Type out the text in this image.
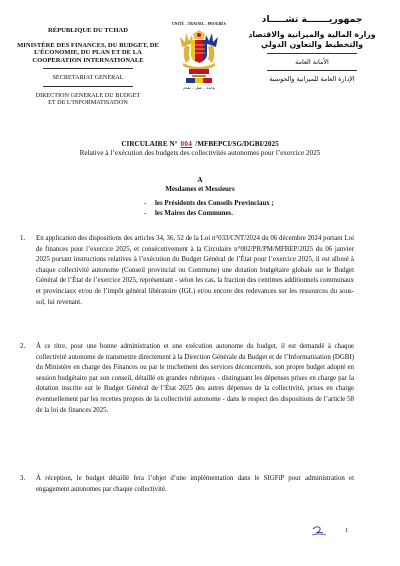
RÉPUBLIQUE DU TCHAD
MINISTÈRE DES FINANCES, DU BUDGET, DE
L’ÉCONOMIE, DU PLAN ET DE LA
COOPERATION INTERNATIONALE
SECRETARIAT GENERAL
DIRECTION GENERALE DU BUDGET
ET DE L’INFORMATISATION
UNITÉ – TRAVAIL – PROGRÈS
وحدة – عمل – تقدم
جمهوريـــــــة تشـــــاد
وزارة المالية والميزانية والاقتصاد
والتخطيط والتعاون الدولي
الأمانة العامة
الإدارة العامة للميزانية والحوسبة
CIRCULAIRE N° 004 /MFBEPCI/SG/DGBI/2025
Relative à l’exécution des budgets des collectivités autonomes pour l’exercice 2025
A
Mesdames et Messieurs
-	les Présidents des Conseils Provinciaux ;
-	les Maires des Communes.
1. En application des dispositions des articles 34, 36, 52 de la Loi n°033/CNT/2024 du 06 décembre 2024 portant Loi de finances pour l’exercice 2025, et consécutivement à la Circulaire n°002/PR/PM/MFBEP/2025 du 06 janvier 2025 portant instructions relatives à l’exécution du Budget Général de l’État pour l’exercice 2025, il est alloué à chaque collectivité autonome (Conseil provincial ou Commune) une dotation budgétaire globale sur le Budget Général de l’État de l’exercice 2025, représentant - selon les cas, la fraction des centimes additionnels communaux et provinciaux et/ou de l’impôt général libératoire (IGL) et/ou encore des redevances sur les ressources du sous-sol, lui revenant.
2. À ce titre, pour une bonne administration et une exécution autonome du budget, il est demandé à chaque collectivité autonome de transmettre directement à la Direction Générale du Budget et de l’Informatisation (DGBI) du Ministère en charge des Finances ou par le truchement des services déconcentrés, son propre budget adopté en session budgétaire par son conseil, détaillé en grandes rubriques - distinguant les dépenses prises en charge par la dotation inscrite sur le Budget Général de l’État 2025 des autres dépenses de la collectivité, prises en charge éventuellement par les recettes propres de la collectivité autonome - dans le respect des dispositions de l’article 58 de la loi de finances 2025.
3. À réception, le budget détaillé fera l’objet d’une implémentation dans le SIGFiP pour administration et engagement autonomes par chaque collectivité.
1
